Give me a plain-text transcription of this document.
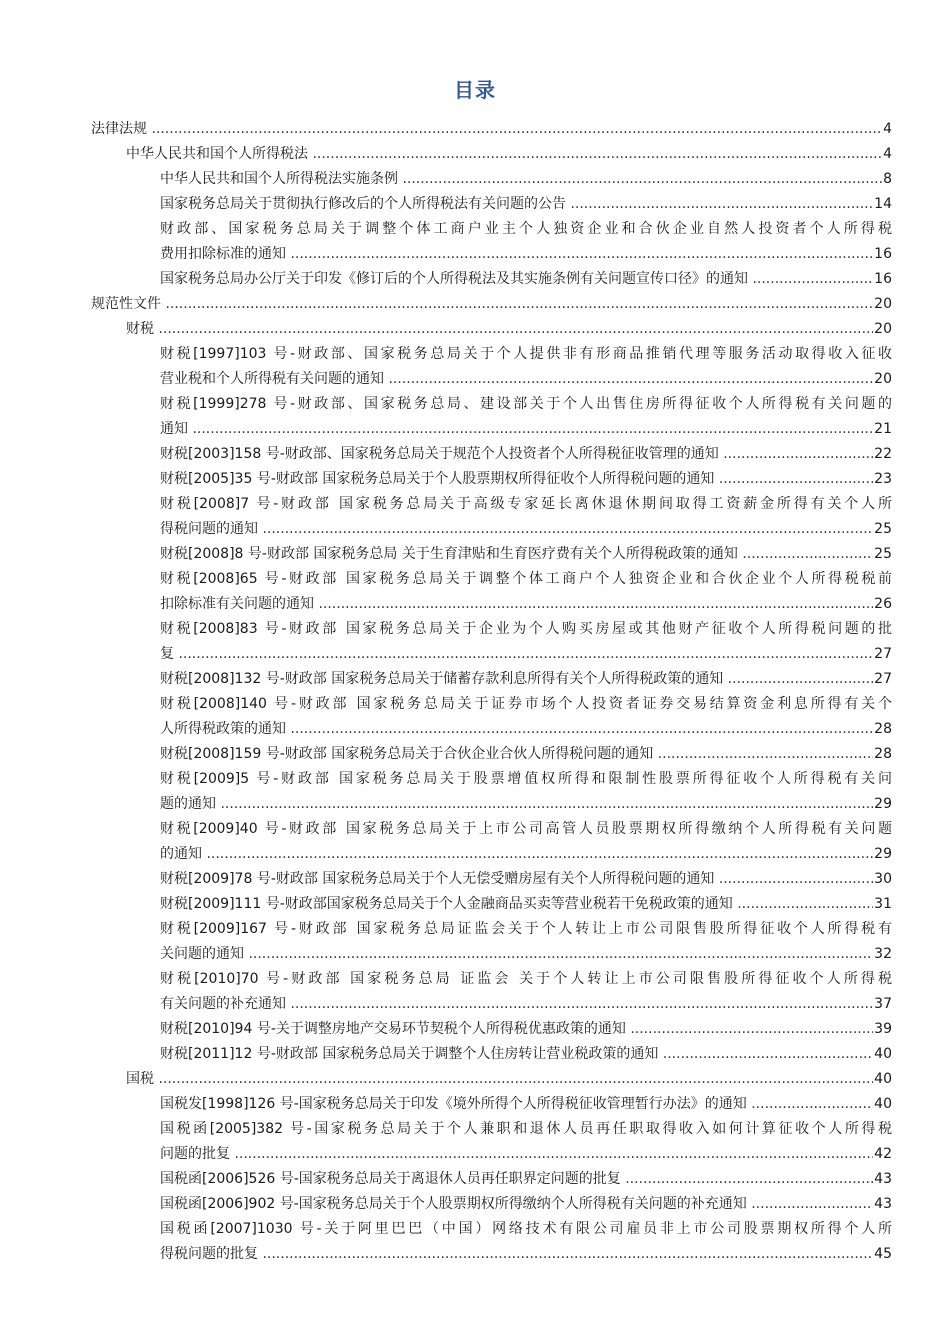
目录
法律法规 .....	4
中华人民共和国个人所得税法 .....	4
中华人民共和国个人所得税法实施条例 .....	8
国家税务总局关于贯彻执行修改后的个人所得税法有关问题的公告 .....	14
财政部、国家税务总局关于调整个体工商户业主个人独资企业和合伙企业自然人投资者个人所得税
费用扣除标准的通知 .....	16
国家税务总局办公厅关于印发《修订后的个人所得税法及其实施条例有关问题宣传口径》的通知 .....	16
规范性文件 .....	20
财税 .....	20
财税[1997]103 号-财政部、国家税务总局关于个人提供非有形商品推销代理等服务活动取得收入征收
营业税和个人所得税有关问题的通知 .....	20
财税[1999]278 号-财政部、国家税务总局、建设部关于个人出售住房所得征收个人所得税有关问题的
通知 .....	21
财税[2003]158 号-财政部、国家税务总局关于规范个人投资者个人所得税征收管理的通知 .....	22
财税[2005]35 号-财政部 国家税务总局关于个人股票期权所得征收个人所得税问题的通知 .....	23
财税[2008]7 号-财政部 国家税务总局关于高级专家延长离休退休期间取得工资薪金所得有关个人所
得税问题的通知 .....	25
财税[2008]8 号-财政部 国家税务总局 关于生育津贴和生育医疗费有关个人所得税政策的通知 .....	25
财税[2008]65 号-财政部 国家税务总局关于调整个体工商户个人独资企业和合伙企业个人所得税税前
扣除标准有关问题的通知 .....	26
财税[2008]83 号-财政部 国家税务总局关于企业为个人购买房屋或其他财产征收个人所得税问题的批
复 .....	27
财税[2008]132 号-财政部 国家税务总局关于储蓄存款利息所得有关个人所得税政策的通知 .....	27
财税[2008]140 号-财政部 国家税务总局关于证券市场个人投资者证券交易结算资金利息所得有关个
人所得税政策的通知 .....	28
财税[2008]159 号-财政部 国家税务总局关于合伙企业合伙人所得税问题的通知 .....	28
财税[2009]5 号-财政部 国家税务总局关于股票增值权所得和限制性股票所得征收个人所得税有关问
题的通知 .....	29
财税[2009]40 号-财政部 国家税务总局关于上市公司高管人员股票期权所得缴纳个人所得税有关问题
的通知 .....	29
财税[2009]78 号-财政部 国家税务总局关于个人无偿受赠房屋有关个人所得税问题的通知 .....	30
财税[2009]111 号-财政部国家税务总局关于个人金融商品买卖等营业税若干免税政策的通知 .....	31
财税[2009]167 号-财政部 国家税务总局证监会关于个人转让上市公司限售股所得征收个人所得税有
关问题的通知 .....	32
财税[2010]70 号-财政部 国家税务总局 证监会 关于个人转让上市公司限售股所得征收个人所得税
有关问题的补充通知 .....	37
财税[2010]94 号-关于调整房地产交易环节契税个人所得税优惠政策的通知 .....	39
财税[2011]12 号-财政部 国家税务总局关于调整个人住房转让营业税政策的通知 .....	40
国税 .....	40
国税发[1998]126 号-国家税务总局关于印发《境外所得个人所得税征收管理暂行办法》的通知 .....	40
国税函[2005]382 号-国家税务总局关于个人兼职和退休人员再任职取得收入如何计算征收个人所得税
问题的批复 .....	42
国税函[2006]526 号-国家税务总局关于离退休人员再任职界定问题的批复 .....	43
国税函[2006]902 号-国家税务总局关于个人股票期权所得缴纳个人所得税有关问题的补充通知 .....	43
国税函[2007]1030 号-关于阿里巴巴（中国）网络技术有限公司雇员非上市公司股票期权所得个人所
得税问题的批复 .....	45
